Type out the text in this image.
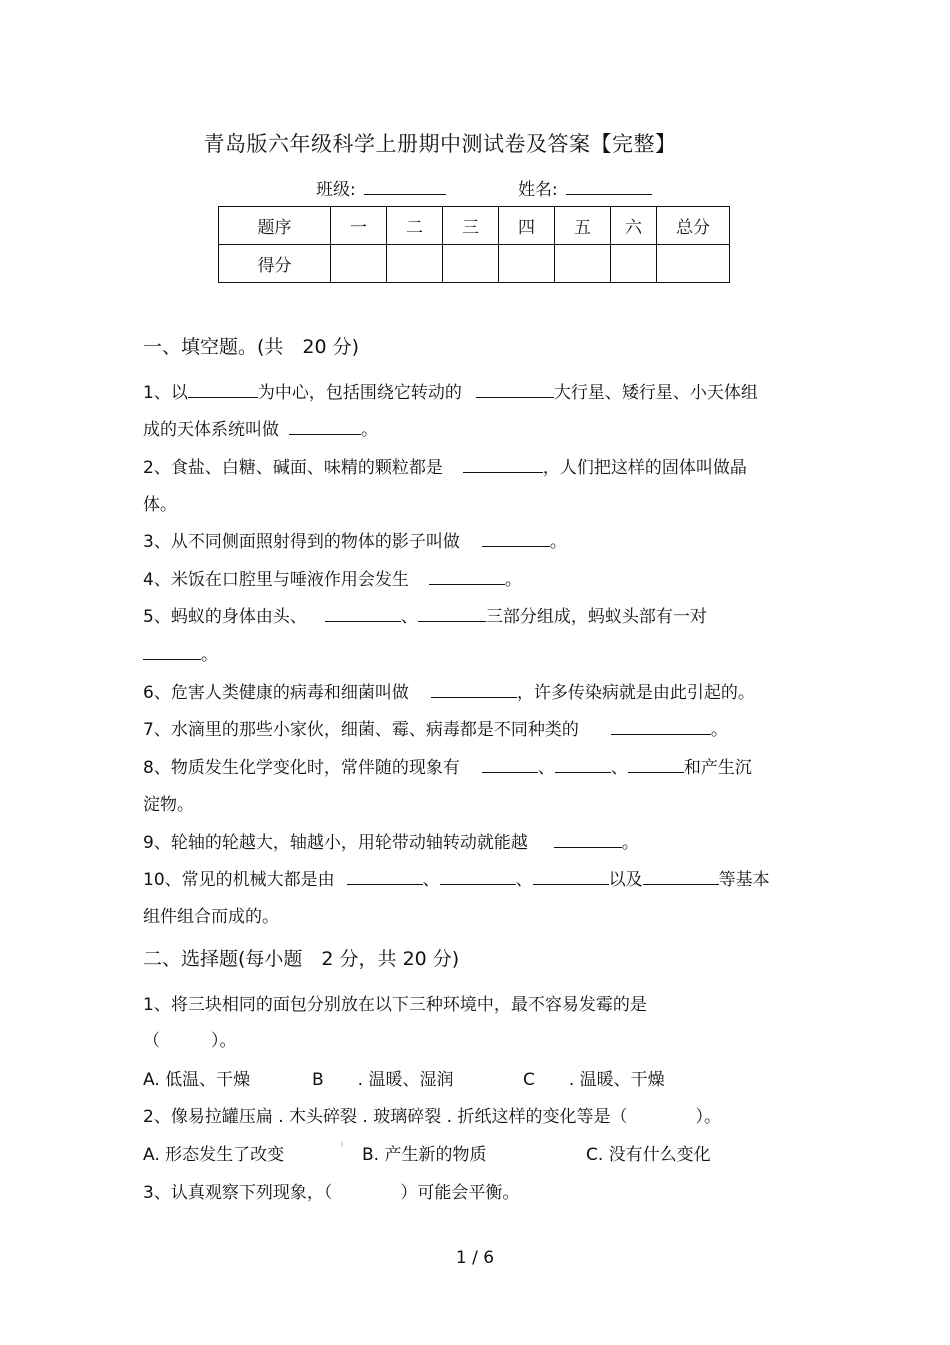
青岛版六年级科学上册期中测试卷及答案【完整】
班级:	姓名:
题序	一	二	三	四	五	六	总分
得分							
一、填空题。(共　20 分)
1、以	为中心，包括围绕它转动的	大行星、矮行星、小天体组
成的天体系统叫做	。
2、食盐、白糖、碱面、味精的颗粒都是	，人们把这样的固体叫做晶
体。
3、从不同侧面照射得到的物体的影子叫做	。
4、米饭在口腔里与唾液作用会发生	。
5、蚂蚁的身体由头、	、	三部分组成，蚂蚁头部有一对
。
6、危害人类健康的病毒和细菌叫做	，许多传染病就是由此引起的。
7、水滴里的那些小家伙，细菌、霉、病毒都是不同种类的	。
8、物质发生化学变化时，常伴随的现象有	、	、	和产生沉
淀物。
9、轮轴的轮越大，轴越小，用轮带动轴转动就能越	。
10、常见的机械大都是由	、	、	以及	等基本
组件组合而成的。
二、选择题(每小题　2 分，共 20 分)
1、将三块相同的面包分别放在以下三种环境中，最不容易发霉的是
（　　　）。
A. 低温、干燥	B　　. 温暖、湿润	C　　. 温暖、干燥
2、像易拉罐压扁 . 木头碎裂 . 玻璃碎裂 . 折纸这样的变化等是（　　　　）。
A. 形态发生了改变	ˡ B. 产生新的物质	C. 没有什么变化
3、认真观察下列现象，（　　　　）可能会平衡。
1 / 6
